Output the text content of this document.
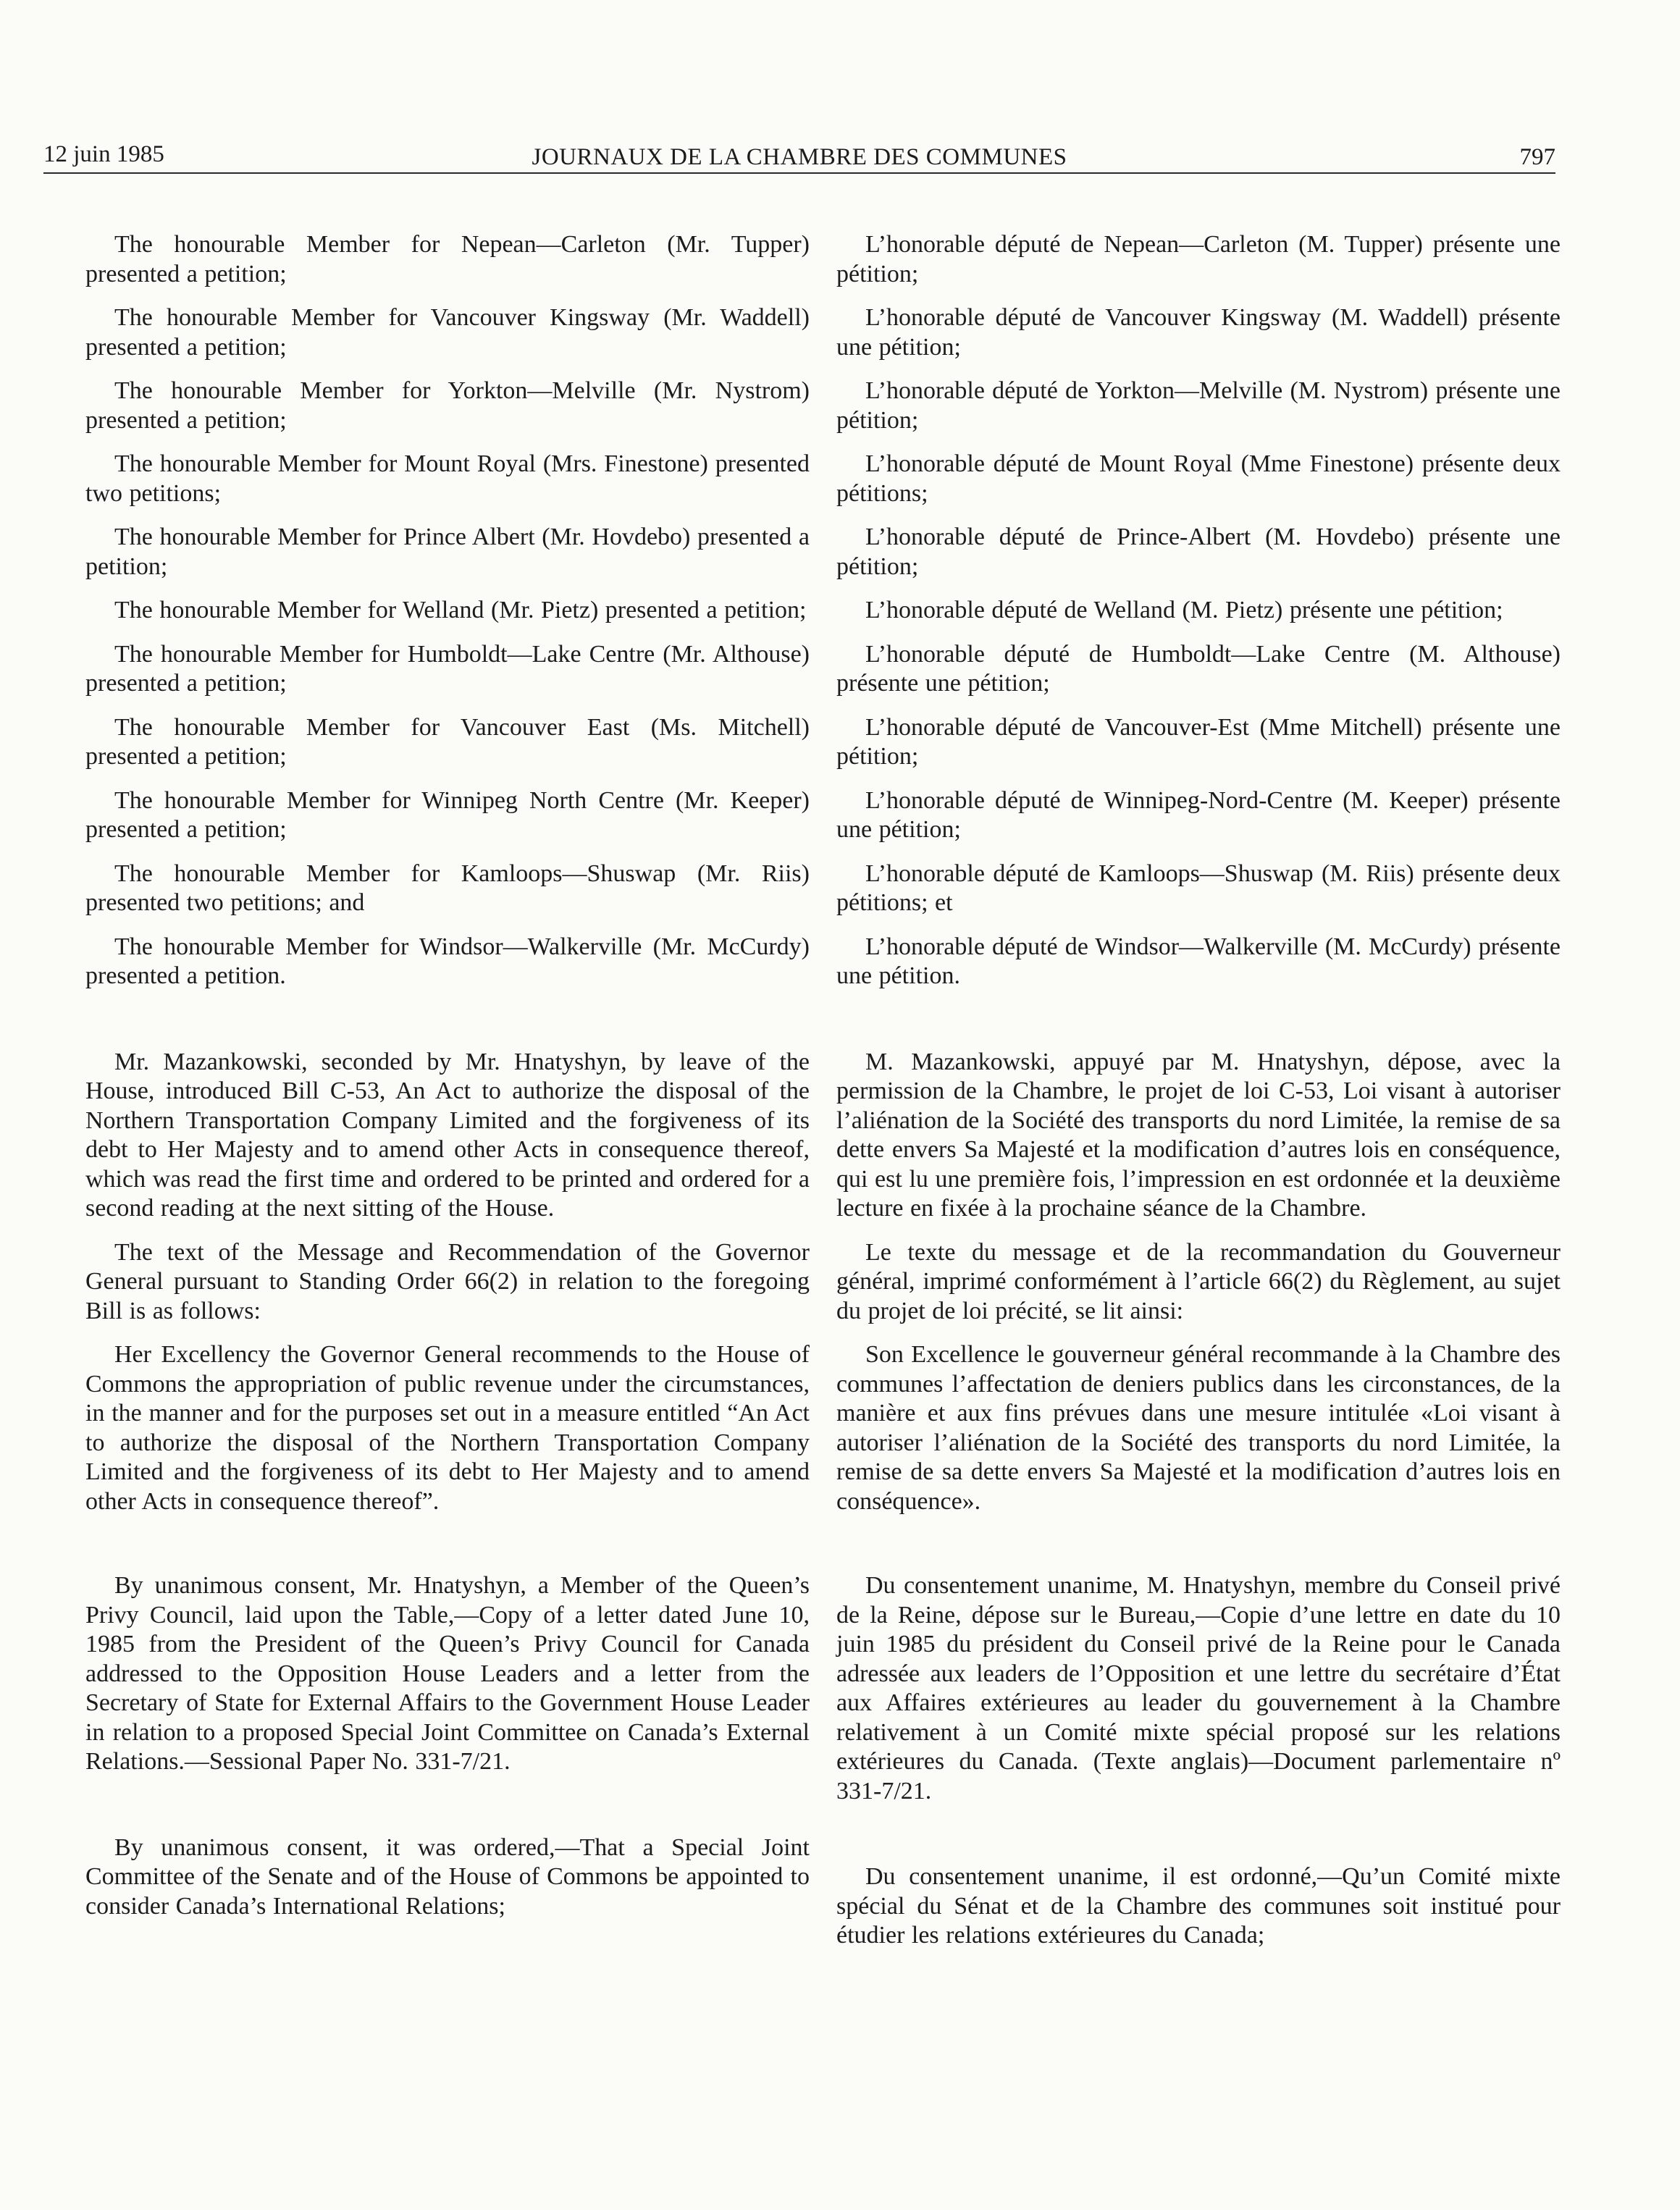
12 juin 1985	JOURNAUX DE LA CHAMBRE DES COMMUNES	797

The honourable Member for Nepean—Carleton (Mr. Tupper) presented a petition;

The honourable Member for Vancouver Kingsway (Mr. Waddell) presented a petition;

The honourable Member for Yorkton—Melville (Mr. Nystrom) presented a petition;

The honourable Member for Mount Royal (Mrs. Finestone) presented two petitions;

The honourable Member for Prince Albert (Mr. Hovdebo) presented a petition;

The honourable Member for Welland (Mr. Pietz) presented a petition;

The honourable Member for Humboldt—Lake Centre (Mr. Althouse) presented a petition;

The honourable Member for Vancouver East (Ms. Mitchell) presented a petition;

The honourable Member for Winnipeg North Centre (Mr. Keeper) presented a petition;

The honourable Member for Kamloops—Shuswap (Mr. Riis) presented two petitions; and

The honourable Member for Windsor—Walkerville (Mr. McCurdy) presented a petition.

Mr. Mazankowski, seconded by Mr. Hnatyshyn, by leave of the House, introduced Bill C-53, An Act to authorize the disposal of the Northern Transportation Company Limited and the forgiveness of its debt to Her Majesty and to amend other Acts in consequence thereof, which was read the first time and ordered to be printed and ordered for a second reading at the next sitting of the House.

The text of the Message and Recommendation of the Governor General pursuant to Standing Order 66(2) in relation to the foregoing Bill is as follows:

Her Excellency the Governor General recommends to the House of Commons the appropriation of public revenue under the circumstances, in the manner and for the purposes set out in a measure entitled “An Act to authorize the disposal of the Northern Transportation Company Limited and the forgiveness of its debt to Her Majesty and to amend other Acts in consequence thereof”.

By unanimous consent, Mr. Hnatyshyn, a Member of the Queen’s Privy Council, laid upon the Table,—Copy of a letter dated June 10, 1985 from the President of the Queen’s Privy Council for Canada addressed to the Opposition House Leaders and a letter from the Secretary of State for External Affairs to the Government House Leader in relation to a proposed Special Joint Committee on Canada’s External Relations.—Sessional Paper No. 331-7/21.

By unanimous consent, it was ordered,—That a Special Joint Committee of the Senate and of the House of Commons be appointed to consider Canada’s International Relations;

L’honorable député de Nepean—Carleton (M. Tupper) présente une pétition;

L’honorable député de Vancouver Kingsway (M. Waddell) présente une pétition;

L’honorable député de Yorkton—Melville (M. Nystrom) présente une pétition;

L’honorable député de Mount Royal (Mme Finestone) présente deux pétitions;

L’honorable député de Prince-Albert (M. Hovdebo) présente une pétition;

L’honorable député de Welland (M. Pietz) présente une pétition;

L’honorable député de Humboldt—Lake Centre (M. Althouse) présente une pétition;

L’honorable député de Vancouver-Est (Mme Mitchell) présente une pétition;

L’honorable député de Winnipeg-Nord-Centre (M. Keeper) présente une pétition;

L’honorable député de Kamloops—Shuswap (M. Riis) présente deux pétitions; et

L’honorable député de Windsor—Walkerville (M. McCurdy) présente une pétition.

M. Mazankowski, appuyé par M. Hnatyshyn, dépose, avec la permission de la Chambre, le projet de loi C-53, Loi visant à autoriser l’aliénation de la Société des transports du nord Limitée, la remise de sa dette envers Sa Majesté et la modification d’autres lois en conséquence, qui est lu une première fois, l’impression en est ordonnée et la deuxième lecture en fixée à la prochaine séance de la Chambre.

Le texte du message et de la recommandation du Gouverneur général, imprimé conformément à l’article 66(2) du Règlement, au sujet du projet de loi précité, se lit ainsi:

Son Excellence le gouverneur général recommande à la Chambre des communes l’affectation de deniers publics dans les circonstances, de la manière et aux fins prévues dans une mesure intitulée «Loi visant à autoriser l’aliénation de la Société des transports du nord Limitée, la remise de sa dette envers Sa Majesté et la modification d’autres lois en conséquence».

Du consentement unanime, M. Hnatyshyn, membre du Conseil privé de la Reine, dépose sur le Bureau,—Copie d’une lettre en date du 10 juin 1985 du président du Conseil privé de la Reine pour le Canada adressée aux leaders de l’Opposition et une lettre du secrétaire d’État aux Affaires extérieures au leader du gouvernement à la Chambre relativement à un Comité mixte spécial proposé sur les relations extérieures du Canada. (Texte anglais)—Document parlementaire nº 331-7/21.

Du consentement unanime, il est ordonné,—Qu’un Comité mixte spécial du Sénat et de la Chambre des communes soit institué pour étudier les relations extérieures du Canada;
